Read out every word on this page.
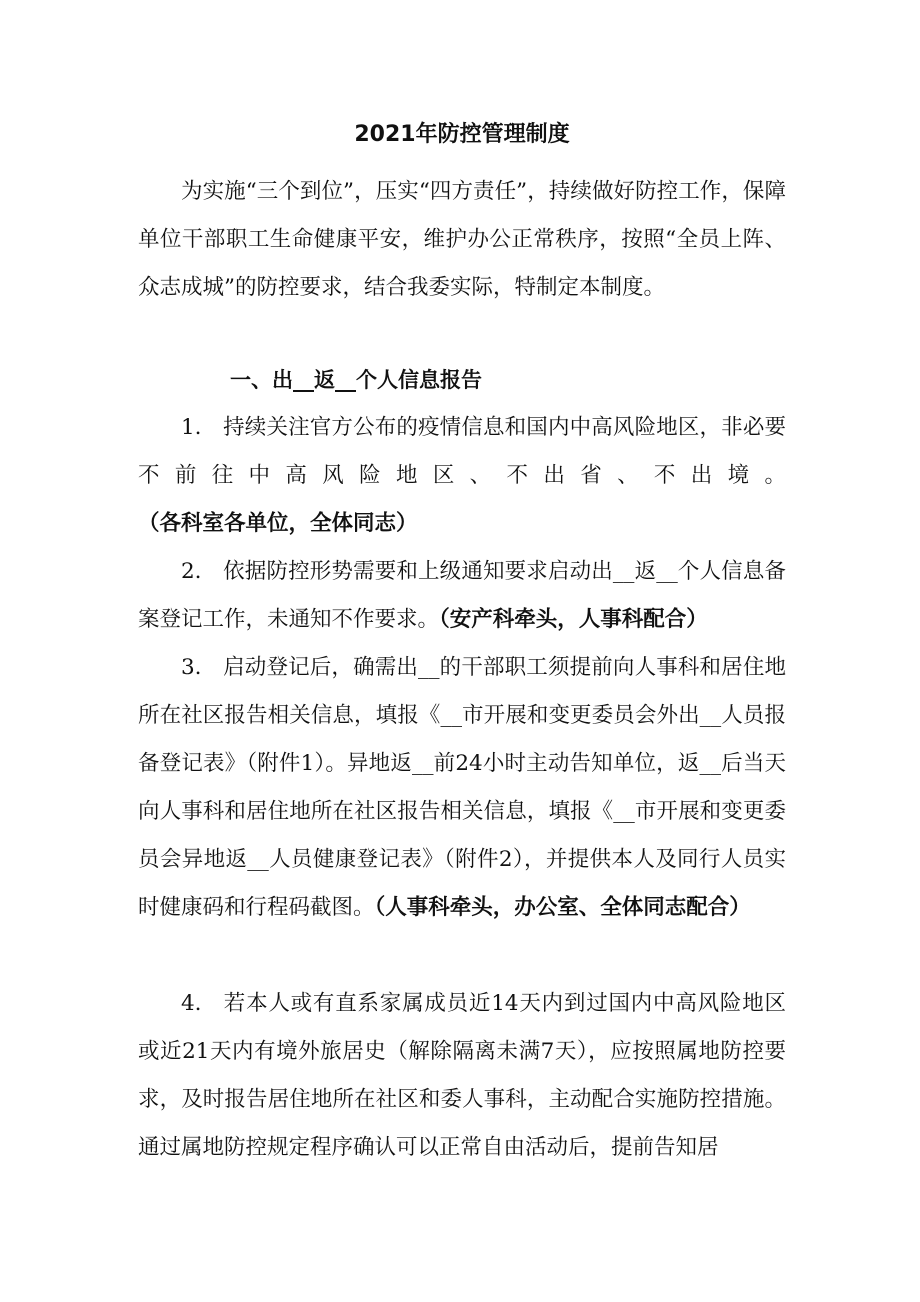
2021年防控管理制度

为实施“三个到位”，压实“四方责任”，持续做好防控工作，保障单位干部职工生命健康平安，维护办公正常秩序，按照“全员上阵、众志成城”的防控要求，结合我委实际，特制定本制度。

一、出__返__个人信息报告

1. 持续关注官方公布的疫情信息和国内中高风险地区，非必要不前往中高风险地区、不出省、不出境。（各科室各单位，全体同志）

2. 依据防控形势需要和上级通知要求启动出__返__个人信息备案登记工作，未通知不作要求。（安产科牵头，人事科配合）

3. 启动登记后，确需出__的干部职工须提前向人事科和居住地所在社区报告相关信息，填报《__市开展和变更委员会外出__人员报备登记表》（附件1）。异地返__前24小时主动告知单位，返__后当天向人事科和居住地所在社区报告相关信息，填报《__市开展和变更委员会异地返__人员健康登记表》（附件2），并提供本人及同行人员实时健康码和行程码截图。（人事科牵头，办公室、全体同志配合）

4. 若本人或有直系家属成员近14天内到过国内中高风险地区或近21天内有境外旅居史（解除隔离未满7天），应按照属地防控要求，及时报告居住地所在社区和委人事科，主动配合实施防控措施。通过属地防控规定程序确认可以正常自由活动后，提前告知居
